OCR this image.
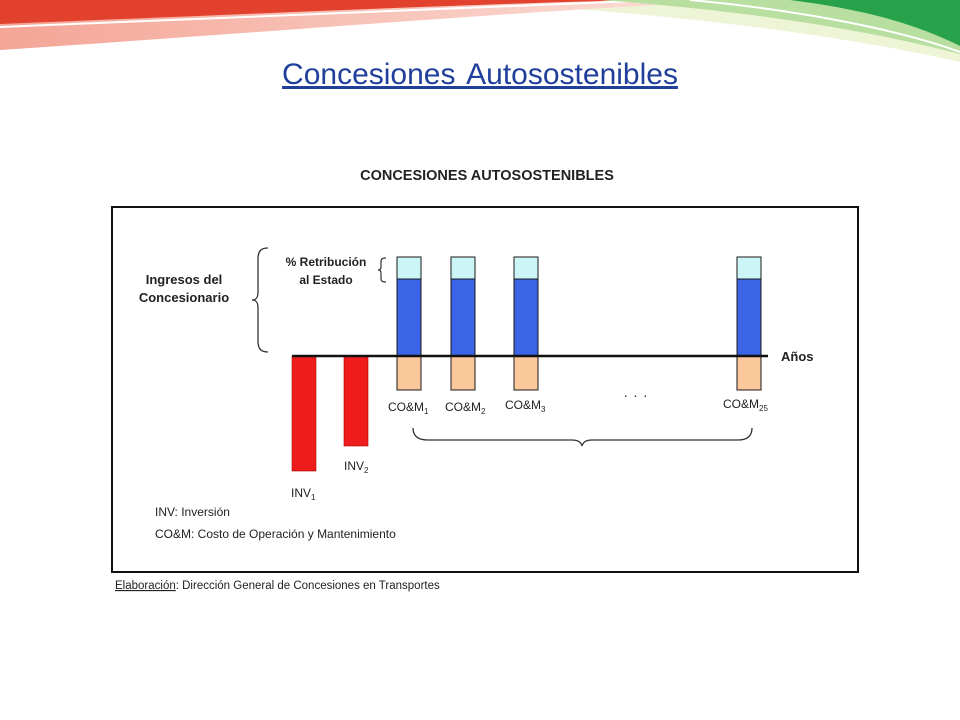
CONCESIONES AUTOSOSTENIBLES
Ingresos del
Concesionario
% Retribución
al Estado
Años
$INV_1$
$INV_2$
$CO\&M_1$ $CO\&M_2$ $CO\&M_3$	$CO\&M_{25}$
. . .
INV: Inversión
CO&M: Costo de Operación y Mantenimiento
Elaboración: Dirección General de Concesiones en Transportes
Concesiones Autosostenibles
